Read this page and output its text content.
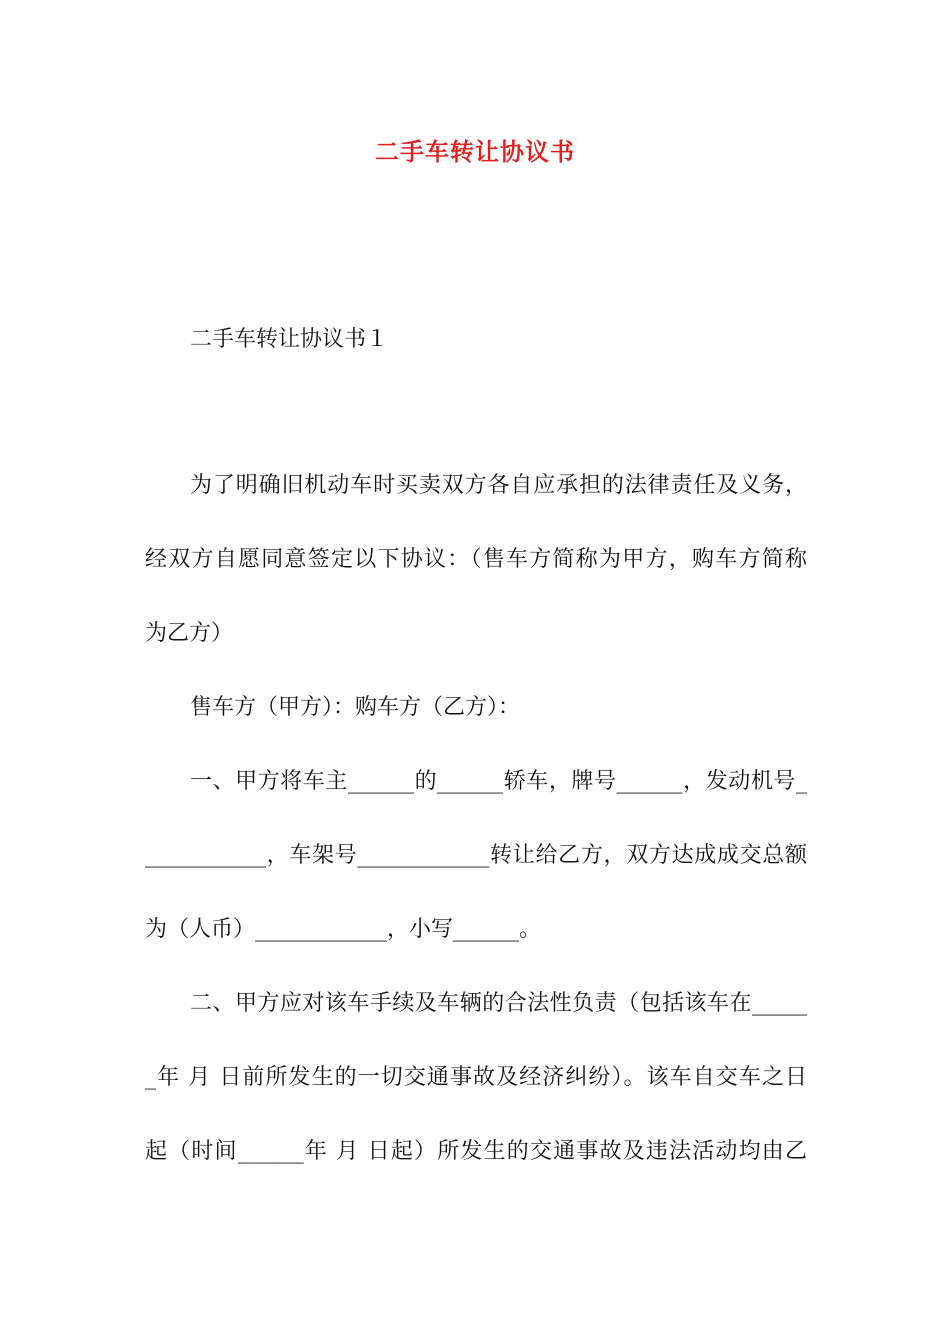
二手车转让协议书

二手车转让协议书１

为了明确旧机动车时买卖双方各自应承担的法律责任及义务，
经双方自愿同意签定以下协议：（售车方简称为甲方，购车方简称
为乙方）
售车方（甲方）：购车方（乙方）：
一、甲方将车主______的______轿车，牌号______，发动机号_
___________，车架号____________转让给乙方，双方达成成交总额
为（人币）____________，小写______。
二、甲方应对该车手续及车辆的合法性负责（包括该车在_____
_年 月 日前所发生的一切交通事故及经济纠纷）。该车自交车之日
起（时间______年 月 日起）所发生的交通事故及违法活动均由乙
